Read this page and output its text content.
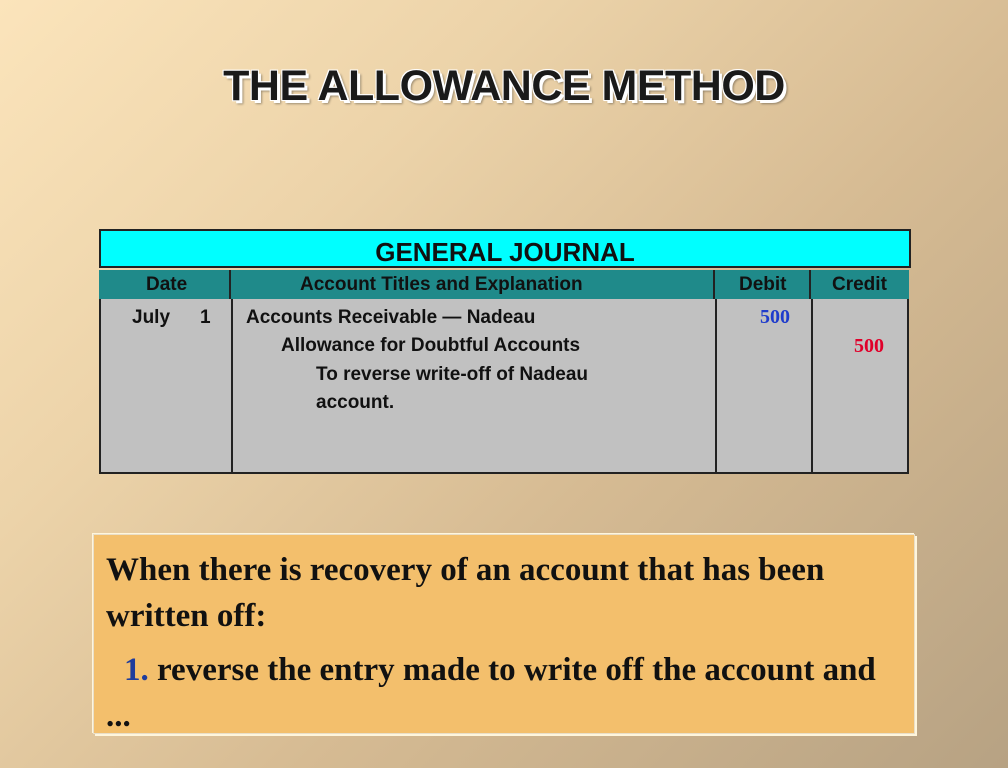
THE ALLOWANCE METHOD
GENERAL JOURNAL
Date	Account Titles and Explanation	Debit Credit
July 1 Accounts Receivable — Nadeau
Allowance for Doubtful Accounts
To reverse write-off of Nadeau
account.
500
500

When there is recovery of an account that has been written off:

1. reverse the entry made to write off the account and ...
